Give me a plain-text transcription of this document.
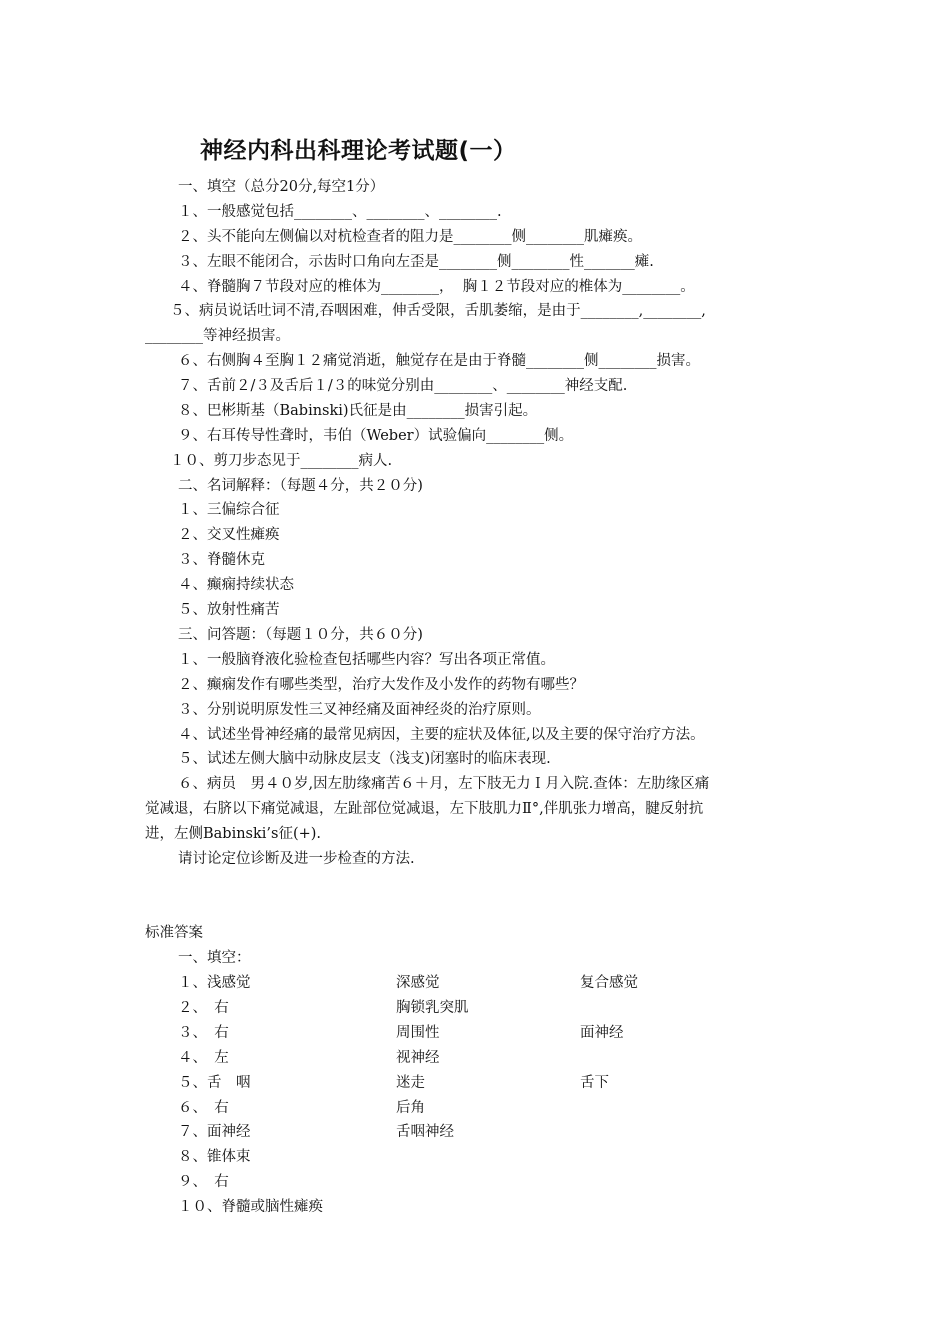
神经内科出科理论考试题(一）
一、填空（总分20分,每空1分）
１、一般感觉包括________、________、________.
２、头不能向左侧偏以对杭检查者的阻力是________侧________肌瘫痪。
３、左眼不能闭合，示齿时口角向左歪是________侧________性_______瘫.
４、脊髓胸７节段对应的椎体为________，  胸１２节段对应的椎体为________。
５、病员说话吐词不清,吞咽困难，伸舌受限，舌肌萎缩，是由于________,________,
________等神经损害。
６、右侧胸４至胸１２痛觉消逝，触觉存在是由于脊髓________侧________损害。
７、舌前２/３及舌后１/３的味觉分别由________、________神经支配.
８、巴彬斯基（Babinski)氏征是由________损害引起。
９、右耳传导性聋时，韦伯（Weber）试验偏向________侧。
１０、剪刀步态见于________病人.
二、名词解释：（每题４分，共２０分)
１、三偏综合征
２、交叉性瘫痪
３、脊髓休克
４、癫痫持续状态
５、放射性痛苦
三、问答题：（每题１０分，共６０分)
１、一般脑脊液化验检查包括哪些内容？写出各项正常值。
２、癫痫发作有哪些类型，治疗大发作及小发作的药物有哪些？
３、分别说明原发性三叉神经痛及面神经炎的治疗原则。
４、试述坐骨神经痛的最常见病因，主要的症状及体征,以及主要的保守治疗方法。
５、试述左侧大脑中动脉皮层支（浅支)闭塞时的临床表现.
６、病员　男４０岁,因左肋缘痛苦６＋月，左下肢无力Ｉ月入院.查体：左肋缘区痛
觉减退，右脐以下痛觉减退，左趾部位觉减退，左下肢肌力Ⅱ°,伴肌张力增高，腱反射抗
进，左侧Babinski’s征(+).
请讨论定位诊断及进一步检查的方法.
标准答案
一、填空：
１、浅感觉	深感觉	复合感觉
２、　右	胸锁乳突肌
３、　右	周围性	面神经
４、　左	视神经
５、舌　咽	迷走	舌下
６、　右	后角
７、面神经	舌咽神经
８、锥体束
９、　右
１０、脊髓或脑性瘫痪
